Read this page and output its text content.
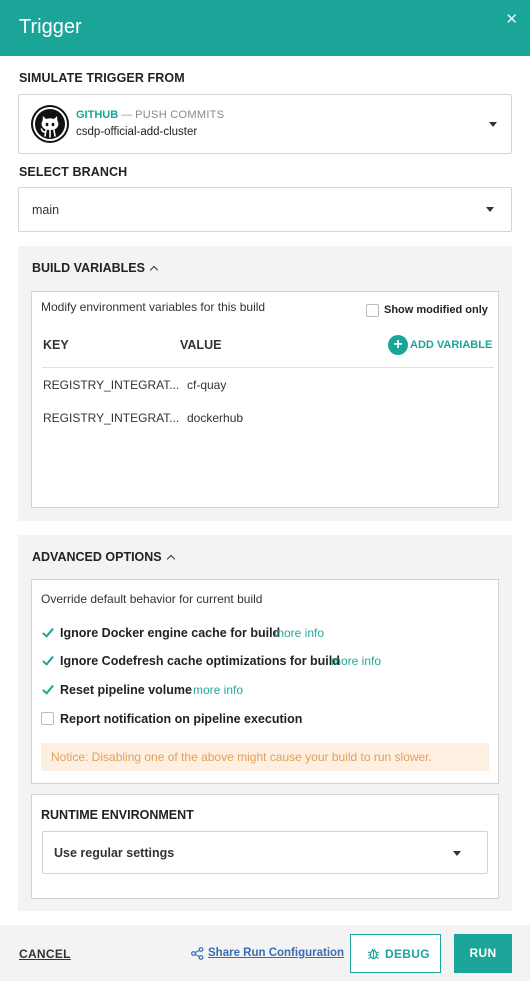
Trigger	✕
SIMULATE TRIGGER FROM
GITHUB — PUSH COMMITS
csdp-official-add-cluster
SELECT BRANCH
main
BUILD VARIABLES
Modify environment variables for this build	Show modified only
KEY	VALUE	+ ADD VARIABLE
REGISTRY_INTEGRAT... cf-quay
REGISTRY_INTEGRAT... dockerhub
ADVANCED OPTIONS
Override default behavior for current build
Ignore Docker engine cache for build
more info
Ignore Codefresh cache optimizations for build
more info
Reset pipeline volume more info
Report notification on pipeline execution
Notice: Disabling one of the above might cause your build to run slower.
RUNTIME ENVIRONMENT
Use regular settings
CANCEL	Share Run Configuration	DEBUG	RUN
